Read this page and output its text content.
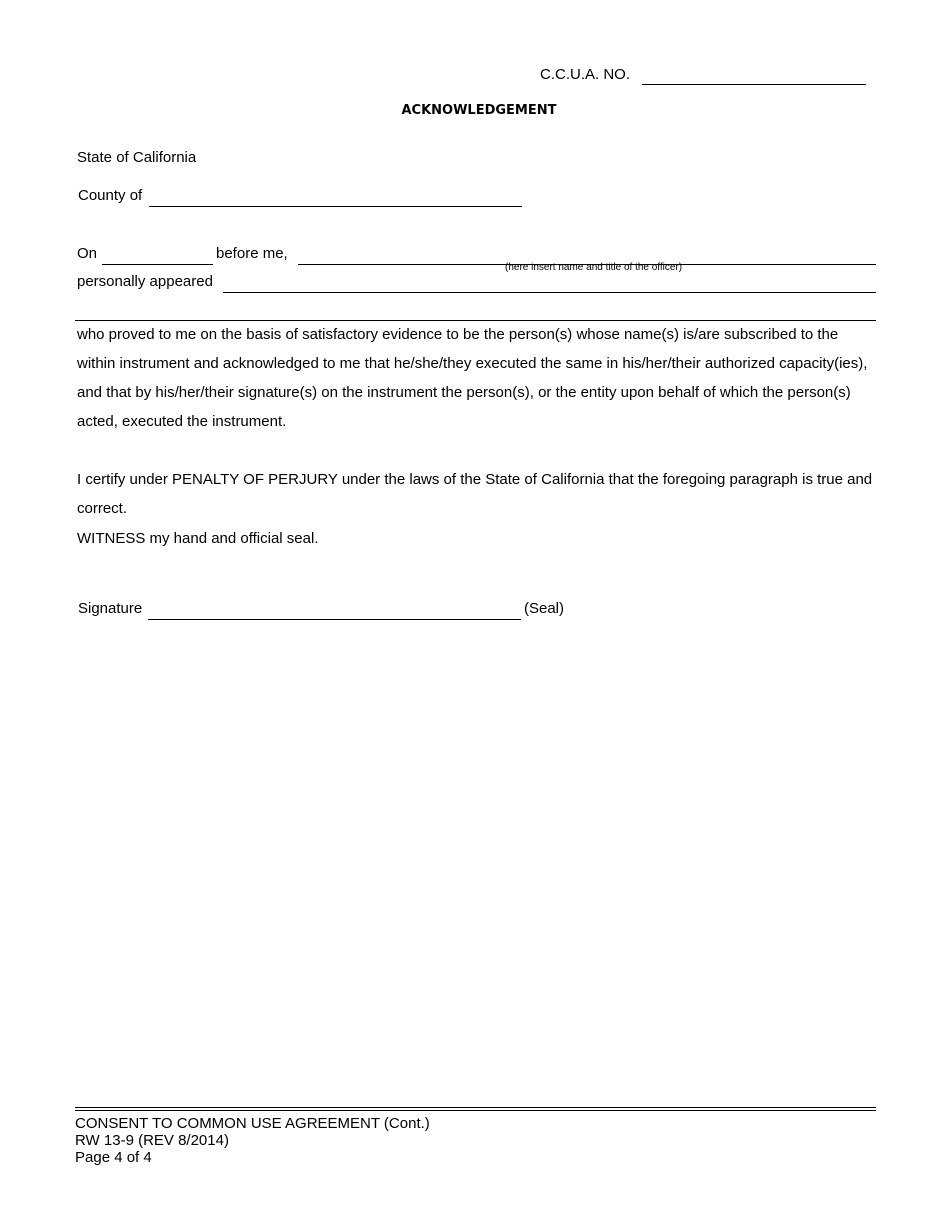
C.C.U.A. NO.
ACKNOWLEDGEMENT
State of California
County of
On	before me,
(here insert name and title of the officer)
personally appeared
who proved to me on the basis of satisfactory evidence to be the person(s) whose name(s) is/are subscribed to the within instrument and acknowledged to me that he/she/they executed the same in his/her/their authorized capacity(ies), and that by his/her/their signature(s) on the instrument the person(s), or the entity upon behalf of which the person(s) acted, executed the instrument.
I certify under PENALTY OF PERJURY under the laws of the State of California that the foregoing paragraph is true and correct.
WITNESS my hand and official seal.
Signature	(Seal)
CONSENT TO COMMON USE AGREEMENT (Cont.)
RW 13-9 (REV 8/2014)
Page 4 of 4
